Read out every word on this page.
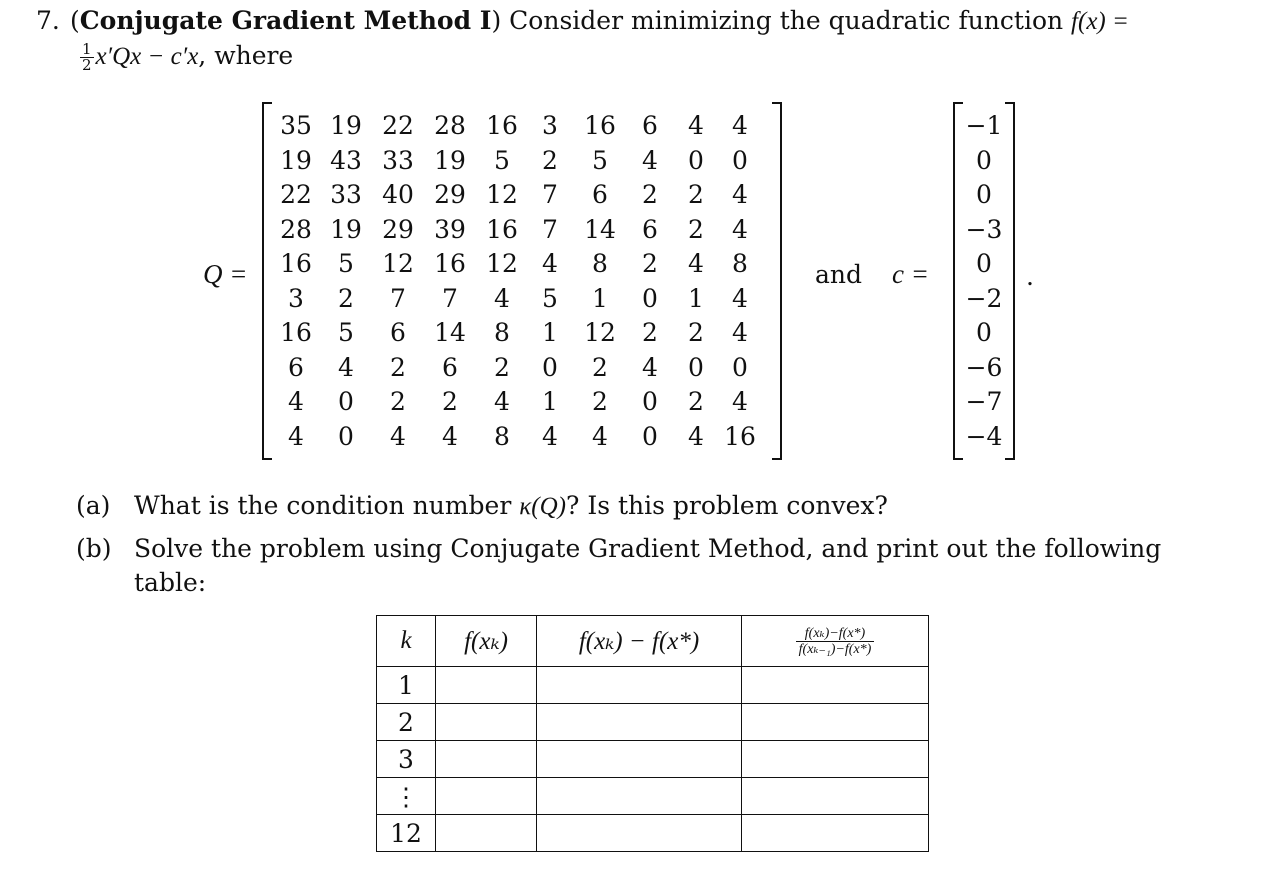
7. (Conjugate Gradient Method I) Consider minimizing the quadratic function f(x) =
$\frac{1}{2} x'Qx - c'x$, where
Q =
35 19 22 28 16 3	16	6	4	4
19 43 33 19	5	2	5	4	0	0
22 33 40 29 12 7	6	2	2	4
28 19 29 39 16 7	14	6	2	4
16	5	12 16 12 4	8	2	4	8
3	2	7	7	4	5	1	0	1	4
16	5	6	14	8	1	12	2	2	4
6	4	2	6	2	0	2	4	0	0
4	0	2	2	4	1	2	0	2	4
4	0	4	4	8	4	4	0	4 16
and c =
−1
0
0
−3
0
−2
0
−6
−7
−4
.
(a) What is the condition number κ(Q)? Is this problem convex?
(b) Solve the problem using Conjugate Gradient Method, and print out the following
table:
k	f(xₖ)	f(xₖ) − f(x*)	$\frac{\text{f(xₖ)−f(x*)}}{\text{f(xₖ₋₁)−f(x*)}}$

1			
2			
3			
⋮			
12			
